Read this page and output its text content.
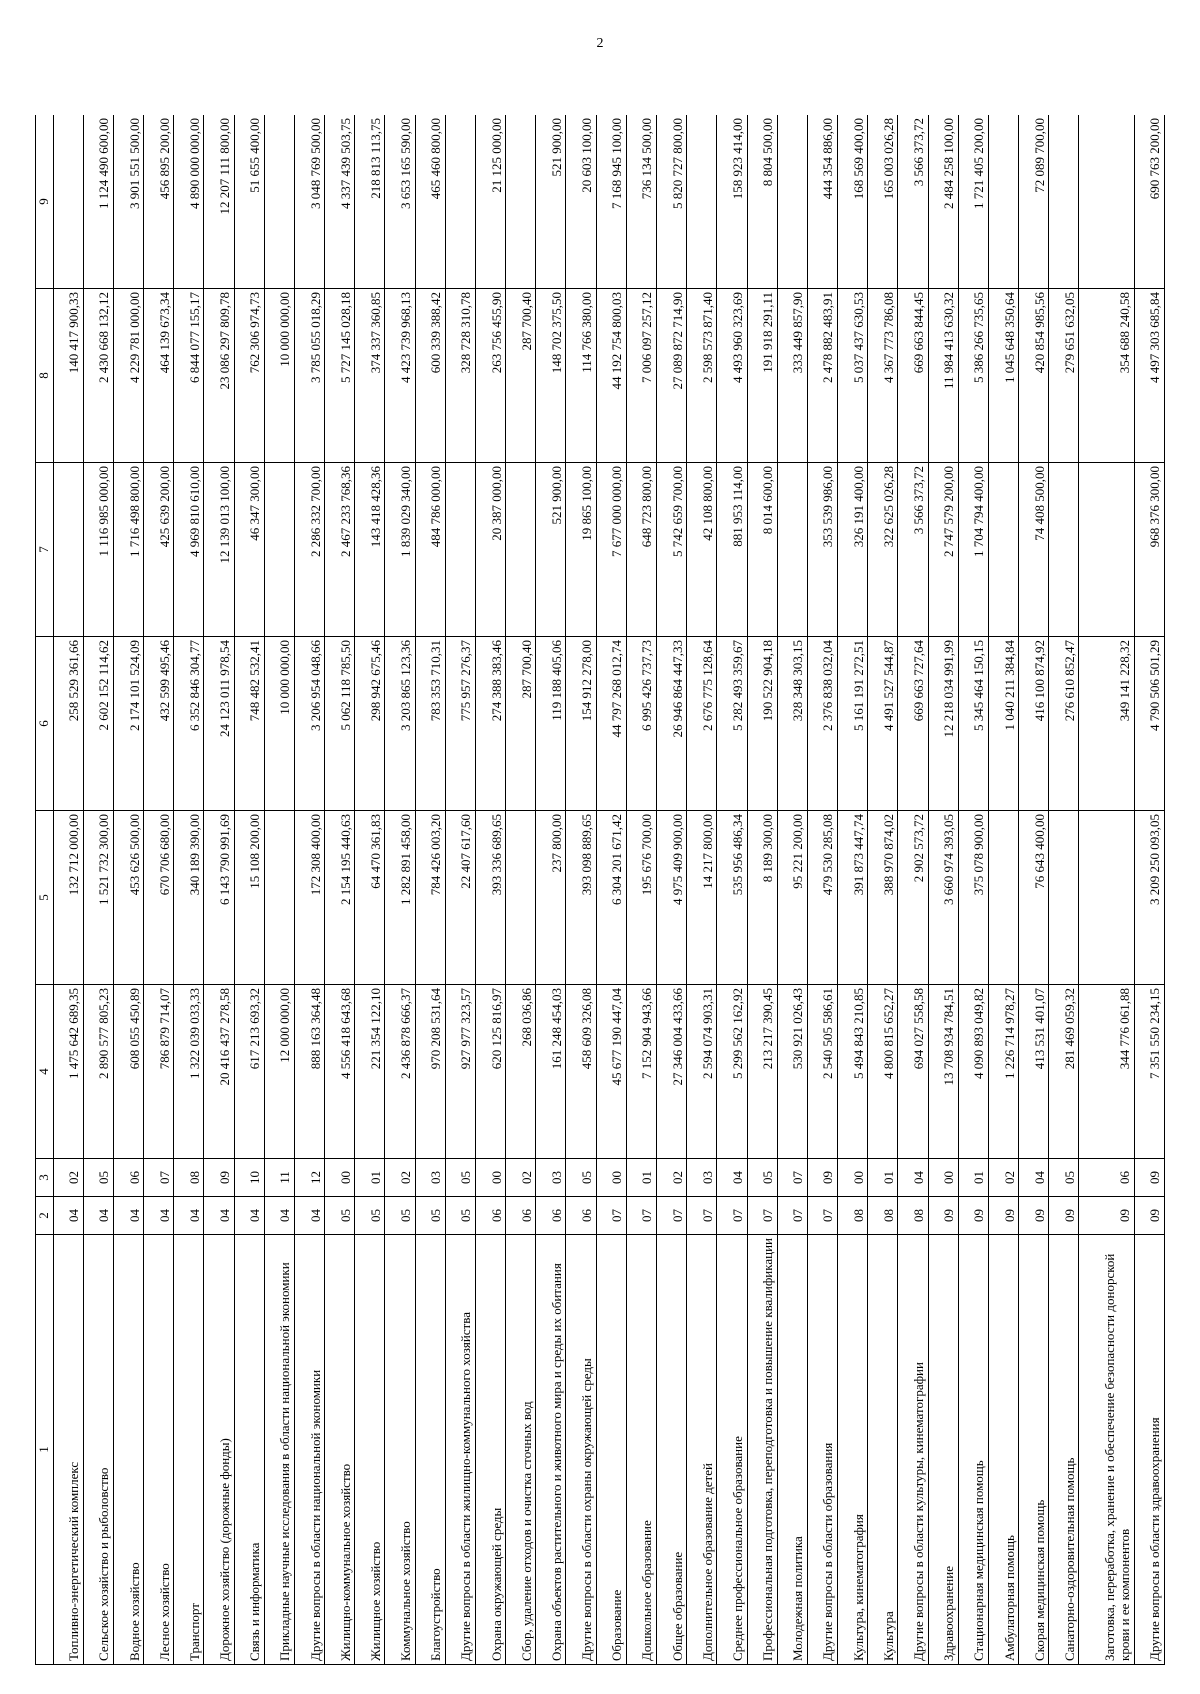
2
1	2	3	4	5	6	7	8	9
Топливно-энергетический комплекс	04	02	1 475 642 689,35	132 712 000,00	258 529 361,66		140 417 900,33	
Сельское хозяйство и рыболовство	04	05	2 890 577 805,23	1 521 732 300,00	2 602 152 114,62	1 116 985 000,00	2 430 668 132,12	1 124 490 600,00
Водное хозяйство	04	06	608 055 450,89	453 626 500,00	2 174 101 524,09	1 716 498 800,00	4 229 781 000,00	3 901 551 500,00
Лесное хозяйство	04	07	786 879 714,07	670 706 680,00	432 599 495,46	425 639 200,00	464 139 673,34	456 895 200,00
Транспорт	04	08	1 322 039 033,33	340 189 390,00	6 352 846 304,77	4 969 810 610,00	6 844 077 155,17	4 890 000 000,00
Дорожное хозяйство (дорожные фонды)	04	09	20 416 437 278,58	6 143 790 991,69	24 123 011 978,54	12 139 013 100,00	23 086 297 809,78	12 207 111 800,00
Связь и информатика	04	10	617 213 693,32	15 108 200,00	748 482 532,41	46 347 300,00	762 306 974,73	51 655 400,00
Прикладные научные исследования в области национальной экономики	04	11	12 000 000,00		10 000 000,00		10 000 000,00	
Другие вопросы в области национальной экономики	04	12	888 163 364,48	172 308 400,00	3 206 954 048,66	2 286 332 700,00	3 785 055 018,29	3 048 769 500,00
Жилищно-коммунальное хозяйство	05	00	4 556 418 643,68	2 154 195 440,63	5 062 118 785,50	2 467 233 768,36	5 727 145 028,18	4 337 439 503,75
Жилищное хозяйство	05	01	221 354 122,10	64 470 361,83	298 942 675,46	143 418 428,36	374 337 360,85	218 813 113,75
Коммунальное хозяйство	05	02	2 436 878 666,37	1 282 891 458,00	3 203 865 123,36	1 839 029 340,00	4 423 739 968,13	3 653 165 590,00
Благоустройство	05	03	970 208 531,64	784 426 003,20	783 353 710,31	484 786 000,00	600 339 388,42	465 460 800,00
Другие вопросы в области жилищно-коммунального хозяйства	05	05	927 977 323,57	22 407 617,60	775 957 276,37		328 728 310,78	
Охрана окружающей среды	06	00	620 125 816,97	393 336 689,65	274 388 383,46	20 387 000,00	263 756 455,90	21 125 000,00
Сбор, удаление отходов и очистка сточных вод	06	02	268 036,86		287 700,40		287 700,40	
Охрана объектов растительного и животного мира и среды их обитания	06	03	161 248 454,03	237 800,00	119 188 405,06	521 900,00	148 702 375,50	521 900,00
Другие вопросы в области охраны окружающей среды	06	05	458 609 326,08	393 098 889,65	154 912 278,00	19 865 100,00	114 766 380,00	20 603 100,00
Образование	07	00	45 677 190 447,04	6 304 201 671,42	44 797 268 012,74	7 677 000 000,00	44 192 754 800,03	7 168 945 100,00
Дошкольное образование	07	01	7 152 904 943,66	195 676 700,00	6 995 426 737,73	648 723 800,00	7 006 097 257,12	736 134 500,00
Общее образование	07	02	27 346 004 433,66	4 975 409 900,00	26 946 864 447,33	5 742 659 700,00	27 089 872 714,90	5 820 727 800,00
Дополнительное образование детей	07	03	2 594 074 903,31	14 217 800,00	2 676 775 128,64	42 108 800,00	2 598 573 871,40	
Среднее профессиональное образование	07	04	5 299 562 162,92	535 956 486,34	5 282 493 359,67	881 953 114,00	4 493 960 323,69	158 923 414,00
Профессиональная подготовка, переподготовка и повышение квалификации	07	05	213 217 390,45	8 189 300,00	190 522 904,18	8 014 600,00	191 918 291,11	8 804 500,00
Молодежная политика	07	07	530 921 026,43	95 221 200,00	328 348 303,15		333 449 857,90	
Другие вопросы в области образования	07	09	2 540 505 586,61	479 530 285,08	2 376 838 032,04	353 539 986,00	2 478 882 483,91	444 354 886,00
Культура, кинематография	08	00	5 494 843 210,85	391 873 447,74	5 161 191 272,51	326 191 400,00	5 037 437 630,53	168 569 400,00
Культура	08	01	4 800 815 652,27	388 970 874,02	4 491 527 544,87	322 625 026,28	4 367 773 786,08	165 003 026,28
Другие вопросы в области культуры, кинематографии	08	04	694 027 558,58	2 902 573,72	669 663 727,64	3 566 373,72	669 663 844,45	3 566 373,72
Здравоохранение	09	00	13 708 934 784,51	3 660 974 393,05	12 218 034 991,99	2 747 579 200,00	11 984 413 630,32	2 484 258 100,00
Стационарная медицинская помощь	09	01	4 090 893 049,82	375 078 900,00	5 345 464 150,15	1 704 794 400,00	5 386 266 735,65	1 721 405 200,00
Амбулаторная помощь	09	02	1 226 714 978,27		1 040 211 384,84		1 045 648 350,64	
Скорая медицинская помощь	09	04	413 531 401,07	76 643 400,00	416 100 874,92	74 408 500,00	420 854 985,56	72 089 700,00
Санаторно-оздоровительная помощь	09	05	281 469 059,32		276 610 852,47		279 651 632,05	
Заготовка, переработка, хранение и обеспечение безопасности донорской крови и ее компонентов	09	06	344 776 061,88		349 141 228,32		354 688 240,58	
Другие вопросы в области здравоохранения	09	09	7 351 550 234,15	3 209 250 093,05	4 790 506 501,29	968 376 300,00	4 497 303 685,84	690 763 200,00
